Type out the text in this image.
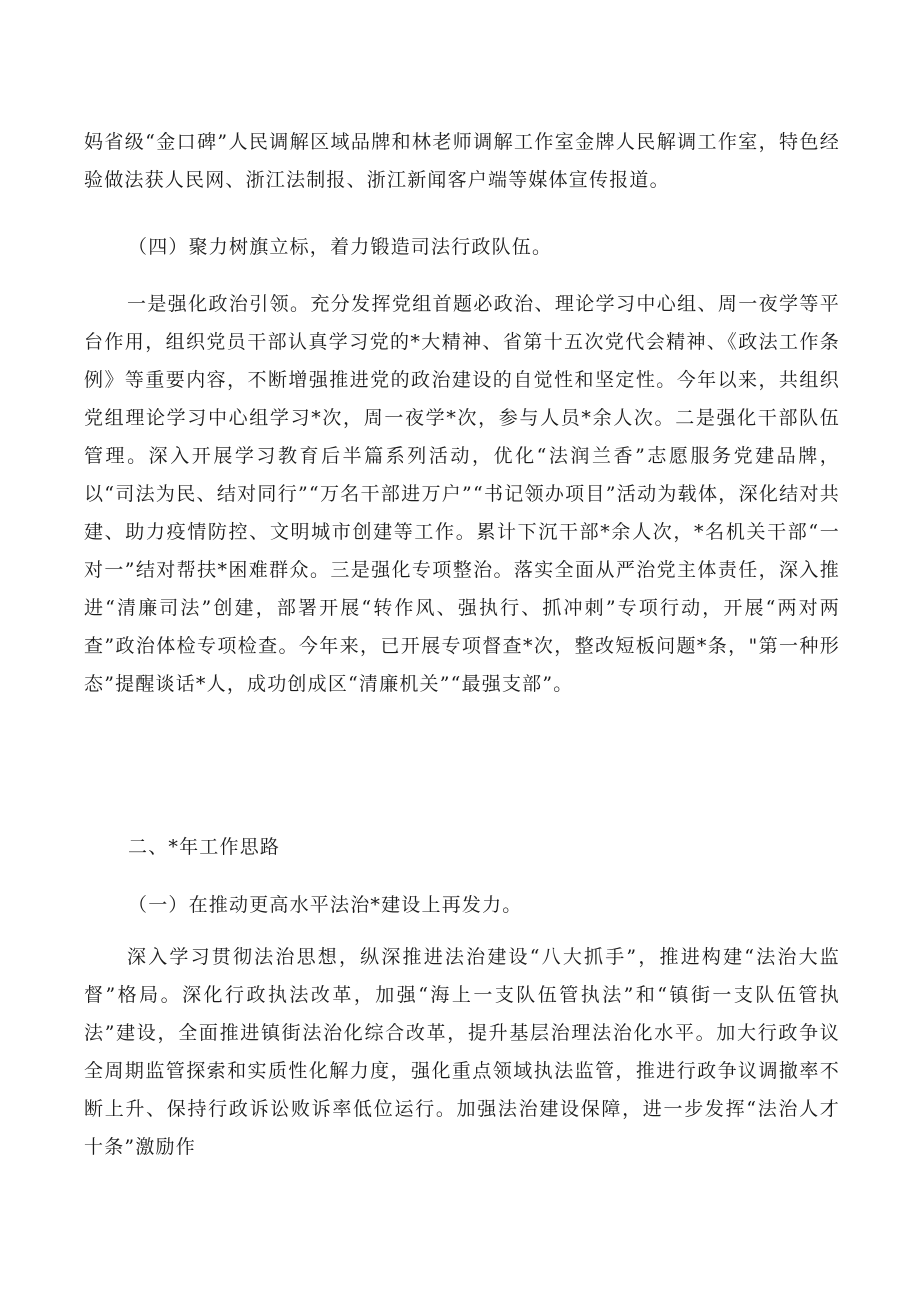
妈省级“金口碑”人民调解区域品牌和林老师调解工作室金牌人民解调工作室，特色经验做法获人民网、浙江法制报、浙江新闻客户端等媒体宣传报道。

（四）聚力树旗立标，着力锻造司法行政队伍。

一是强化政治引领。充分发挥党组首题必政治、理论学习中心组、周一夜学等平台作用，组织党员干部认真学习党的*大精神、省第十五次党代会精神、《政法工作条例》等重要内容，不断增强推进党的政治建设的自觉性和坚定性。今年以来，共组织党组理论学习中心组学习*次，周一夜学*次，参与人员*余人次。二是强化干部队伍管理。深入开展学习教育后半篇系列活动，优化“法润兰香”志愿服务党建品牌，以“司法为民、结对同行”“万名干部进万户”“书记领办项目”活动为载体，深化结对共建、助力疫情防控、文明城市创建等工作。累计下沉干部*余人次，*名机关干部“一对一”结对帮扶*困难群众。三是强化专项整治。落实全面从严治党主体责任，深入推进“清廉司法”创建，部署开展“转作风、强执行、抓冲刺”专项行动，开展“两对两查”政治体检专项检查。今年来，已开展专项督查*次，整改短板问题*条，"第一种形态”提醒谈话*人，成功创成区“清廉机关”“最强支部”。

二、*年工作思路

（一）在推动更高水平法治*建设上再发力。

深入学习贯彻法治思想，纵深推进法治建设“八大抓手”，推进构建“法治大监督”格局。深化行政执法改革，加强“海上一支队伍管执法”和“镇街一支队伍管执法”建设，全面推进镇街法治化综合改革，提升基层治理法治化水平。加大行政争议全周期监管探索和实质性化解力度，强化重点领域执法监管，推进行政争议调撤率不断上升、保持行政诉讼败诉率低位运行。加强法治建设保障，进一步发挥“法治人才十条”激励作
